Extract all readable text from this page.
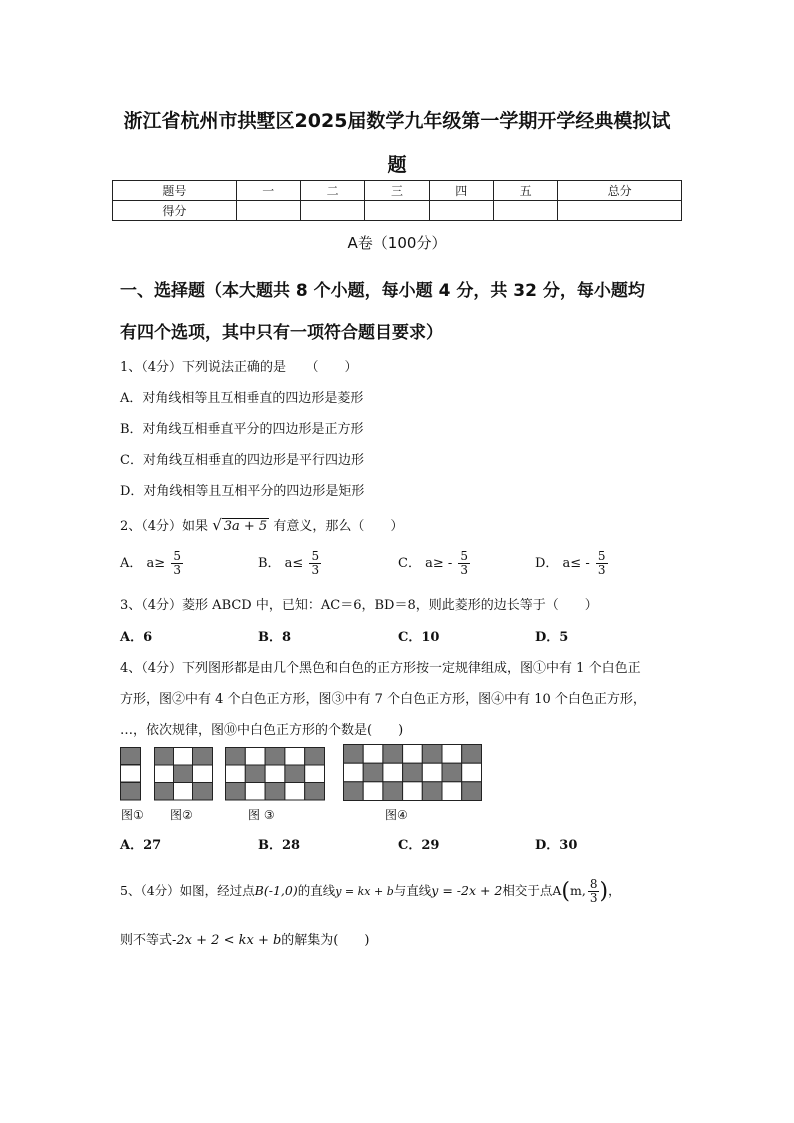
浙江省杭州市拱墅区2025届数学九年级第一学期开学经典模拟试
题
题号	一	二	三	四	五	总分
得分						
A卷（100分）
一、选择题（本大题共 8 个小题，每小题 4 分，共 32 分，每小题均
有四个选项，其中只有一项符合题目要求）
1、（4分）下列说法正确的是　　（　　）
A．对角线相等且互相垂直的四边形是菱形
B．对角线互相垂直平分的四边形是正方形
C．对角线互相垂直的四边形是平行四边形
D．对角线相等且互相平分的四边形是矩形
2、（4分）如果 √ 3a + 5 有意义，那么（　　）
A． $a\ge \frac{5}{3}$	B． $a\le \frac{5}{3}$	C． $a\ge - \frac{5}{3}$	D． $a\le - \frac{5}{3}$
3、（4分）菱形 ABCD 中，已知：AC＝6，BD＝8，则此菱形的边长等于（　　）
A．6	B．8	C．10	D．5
4、（4分）下列图形都是由几个黑色和白色的正方形按一定规律组成，图①中有 1 个白色正
方形，图②中有 4 个白色正方形，图③中有 7 个白色正方形，图④中有 10 个白色正方形，
…，依次规律，图⑩中白色正方形的个数是(　　)
图① 图②	图 ③	图④
A．27	B．28	C．29	D．30
5、（4分）如图，经过点B(-1,0)的直线y = kx + b与直线y = -2x + 2相交于点A(m, $\frac{8}{3}$ )，
则不等式-2x + 2 < kx + b的解集为(　　)
